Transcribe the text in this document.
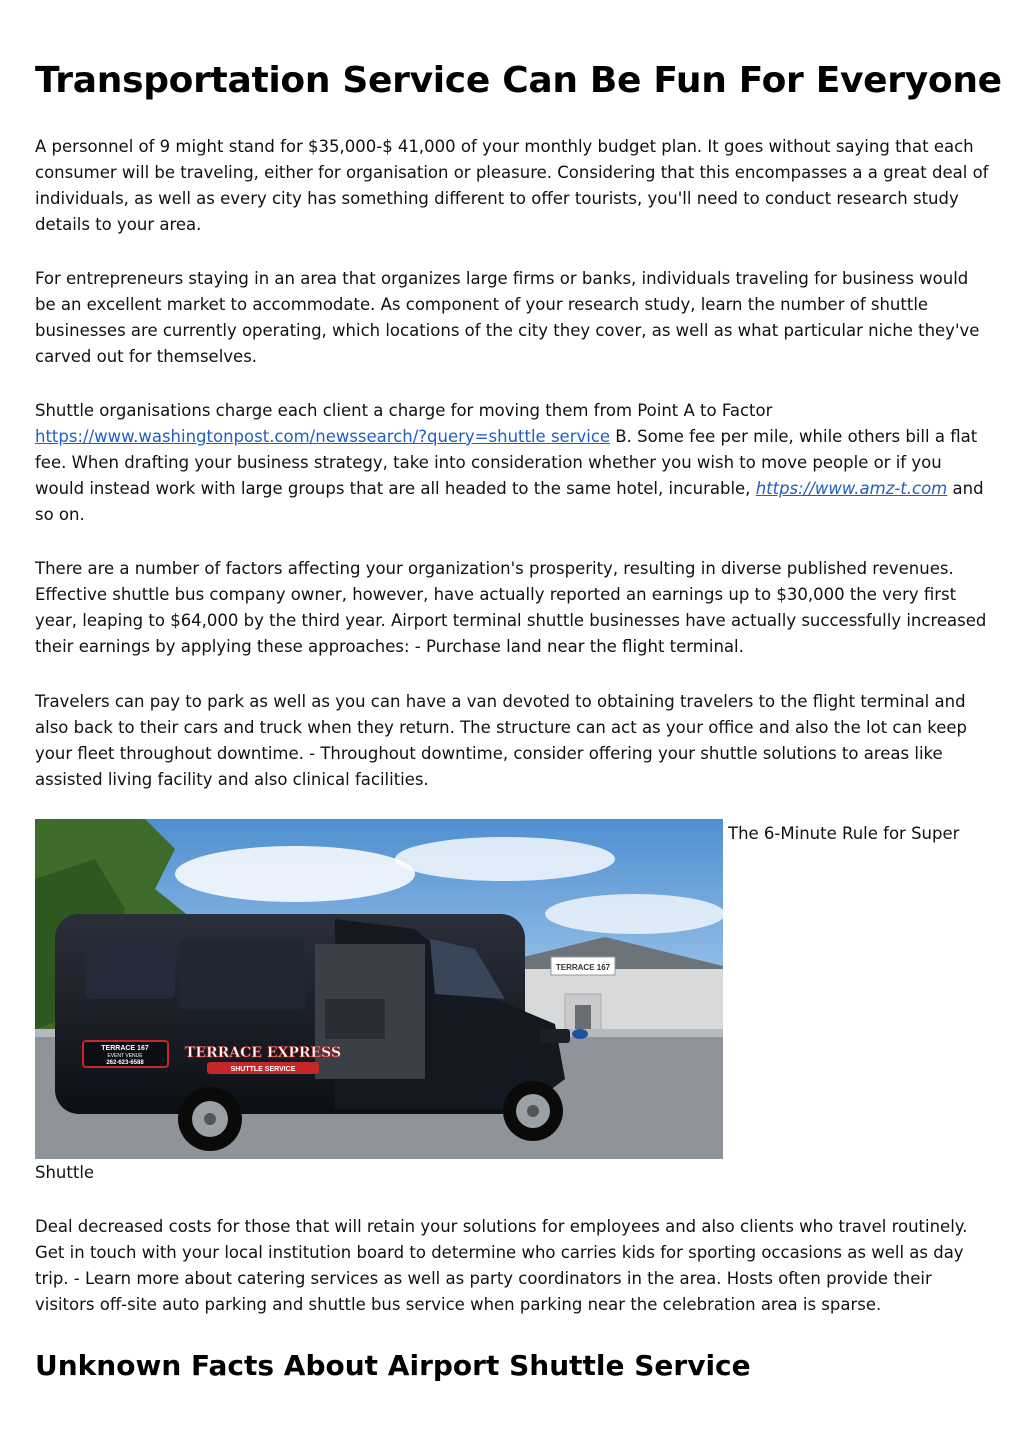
Transportation Service Can Be Fun For Everyone

A personnel of 9 might stand for $35,000-$ 41,000 of your monthly budget plan. It goes without saying that each consumer will be traveling, either for organisation or pleasure. Considering that this encompasses a a great deal of individuals, as well as every city has something different to offer tourists, you'll need to conduct research study details to your area.

For entrepreneurs staying in an area that organizes large firms or banks, individuals traveling for business would be an excellent market to accommodate. As component of your research study, learn the number of shuttle businesses are currently operating, which locations of the city they cover, as well as what particular niche they've carved out for themselves.

Shuttle organisations charge each client a charge for moving them from Point A to Factor https://www.washingtonpost.com/newssearch/?query=shuttle service B. Some fee per mile, while others bill a flat fee. When drafting your business strategy, take into consideration whether you wish to move people or if you would instead work with large groups that are all headed to the same hotel, incurable, https://www.amz-t.com and so on.

There are a number of factors affecting your organization's prosperity, resulting in diverse published revenues. Effective shuttle bus company owner, however, have actually reported an earnings up to $30,000 the very first year, leaping to $64,000 by the third year. Airport terminal shuttle businesses have actually successfully increased their earnings by applying these approaches: - Purchase land near the flight terminal.

Travelers can pay to park as well as you can have a van devoted to obtaining travelers to the flight terminal and also back to their cars and truck when they return. The structure can act as your office and also the lot can keep your fleet throughout downtime. - Throughout downtime, consider offering your shuttle solutions to areas like assisted living facility and also clinical facilities.

TERRACE 167
TERRACE 167
EVENT VENUE
262-623-6588
TERRACE EXPRESS
SHUTTLE SERVICE
The 6-Minute Rule for Super
Shuttle

Deal decreased costs for those that will retain your solutions for employees and also clients who travel routinely. Get in touch with your local institution board to determine who carries kids for sporting occasions as well as day trip. - Learn more about catering services as well as party coordinators in the area. Hosts often provide their visitors off-site auto parking and shuttle bus service when parking near the celebration area is sparse.

Unknown Facts About Airport Shuttle Service
